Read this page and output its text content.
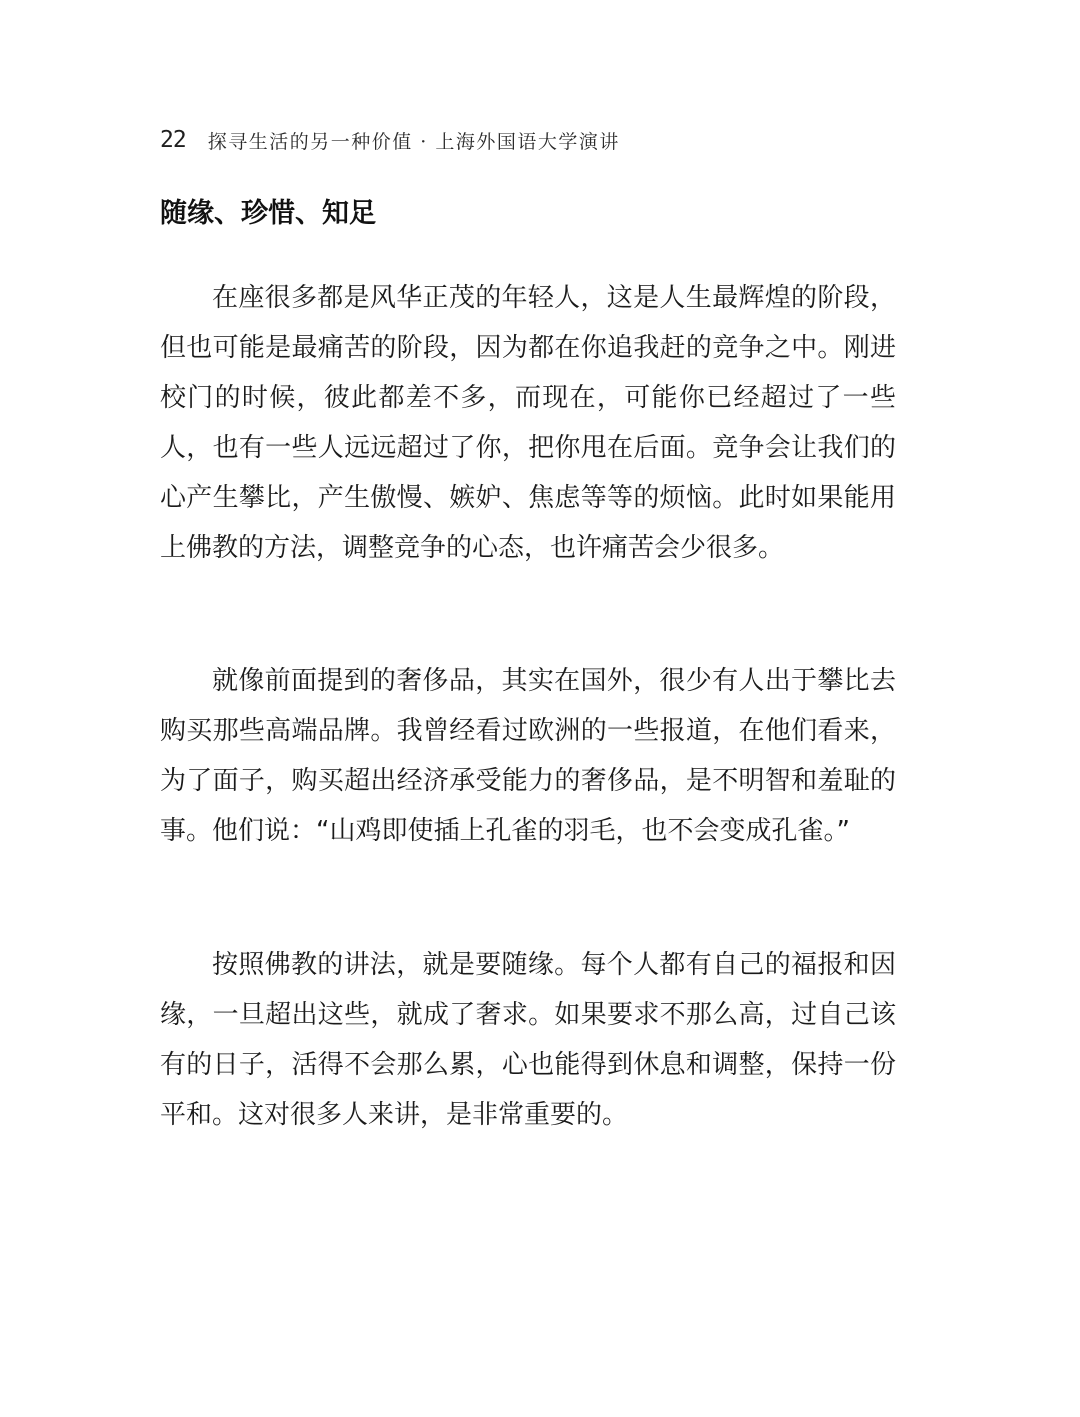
22 探寻生活的另一种价值 · 上海外国语大学演讲
随缘、珍惜、知足

在座很多都是风华正茂的年轻人，这是人生最辉煌的阶段，但也可能是最痛苦的阶段，因为都在你追我赶的竞争之中。刚进校门的时候，彼此都差不多，而现在，可能你已经超过了一些人，也有一些人远远超过了你，把你甩在后面。竞争会让我们的心产生攀比，产生傲慢、嫉妒、焦虑等等的烦恼。此时如果能用上佛教的方法，调整竞争的心态，也许痛苦会少很多。

就像前面提到的奢侈品，其实在国外，很少有人出于攀比去购买那些高端品牌。我曾经看过欧洲的一些报道，在他们看来，为了面子，购买超出经济承受能力的奢侈品，是不明智和羞耻的事。他们说：“山鸡即使插上孔雀的羽毛，也不会变成孔雀。”

按照佛教的讲法，就是要随缘。每个人都有自己的福报和因缘，一旦超出这些，就成了奢求。如果要求不那么高，过自己该有的日子，活得不会那么累，心也能得到休息和调整，保持一份平和。这对很多人来讲，是非常重要的。
